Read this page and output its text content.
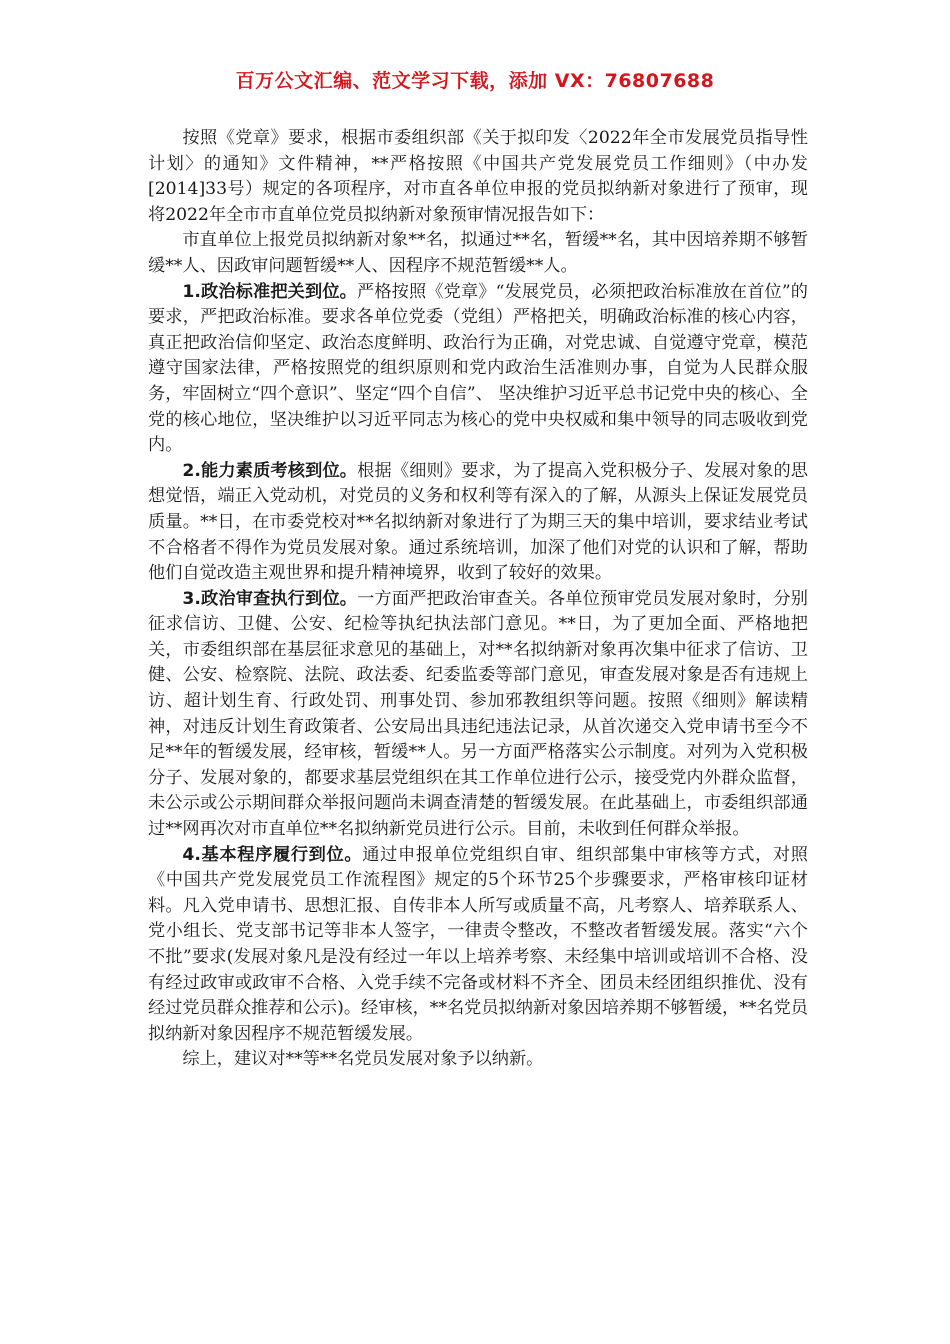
百万公文汇编、范文学习下载，添加 VX：76807688

按照《党章》要求，根据市委组织部《关于拟印发〈2022年全市发展党员指导性计划〉的通知》文件精神，**严格按照《中国共产党发展党员工作细则》（中办发[2014]33号）规定的各项程序，对市直各单位申报的党员拟纳新对象进行了预审，现将2022年全市市直单位党员拟纳新对象预审情况报告如下：

市直单位上报党员拟纳新对象**名，拟通过**名，暂缓**名，其中因培养期不够暂缓**人、因政审问题暂缓**人、因程序不规范暂缓**人。

1.政治标准把关到位。严格按照《党章》“发展党员，必须把政治标准放在首位”的要求，严把政治标准。要求各单位党委（党组）严格把关，明确政治标准的核心内容，真正把政治信仰坚定、政治态度鲜明、政治行为正确，对党忠诚、自觉遵守党章，模范遵守国家法律，严格按照党的组织原则和党内政治生活准则办事，自觉为人民群众服务，牢固树立“四个意识”、坚定“四个自信”、 坚决维护习近平总书记党中央的核心、全党的核心地位，坚决维护以习近平同志为核心的党中央权威和集中领导的同志吸收到党内。

2.能力素质考核到位。根据《细则》要求，为了提高入党积极分子、发展对象的思想觉悟，端正入党动机，对党员的义务和权利等有深入的了解，从源头上保证发展党员质量。**日，在市委党校对**名拟纳新对象进行了为期三天的集中培训，要求结业考试不合格者不得作为党员发展对象。通过系统培训，加深了他们对党的认识和了解，帮助他们自觉改造主观世界和提升精神境界，收到了较好的效果。

3.政治审查执行到位。一方面严把政治审查关。各单位预审党员发展对象时，分别征求信访、卫健、公安、纪检等执纪执法部门意见。**日，为了更加全面、严格地把关，市委组织部在基层征求意见的基础上，对**名拟纳新对象再次集中征求了信访、卫健、公安、检察院、法院、政法委、纪委监委等部门意见，审查发展对象是否有违规上访、超计划生育、行政处罚、刑事处罚、参加邪教组织等问题。按照《细则》解读精神，对违反计划生育政策者、公安局出具违纪违法记录，从首次递交入党申请书至今不足**年的暂缓发展，经审核，暂缓**人。另一方面严格落实公示制度。对列为入党积极分子、发展对象的，都要求基层党组织在其工作单位进行公示，接受党内外群众监督，未公示或公示期间群众举报问题尚未调查清楚的暂缓发展。在此基础上，市委组织部通过**网再次对市直单位**名拟纳新党员进行公示。目前，未收到任何群众举报。

4.基本程序履行到位。通过申报单位党组织自审、组织部集中审核等方式，对照《中国共产党发展党员工作流程图》规定的5个环节25个步骤要求，严格审核印证材料。凡入党申请书、思想汇报、自传非本人所写或质量不高，凡考察人、培养联系人、党小组长、党支部书记等非本人签字，一律责令整改，不整改者暂缓发展。落实“六个不批”要求(发展对象凡是没有经过一年以上培养考察、未经集中培训或培训不合格、没有经过政审或政审不合格、入党手续不完备或材料不齐全、团员未经团组织推优、没有经过党员群众推荐和公示)。经审核，**名党员拟纳新对象因培养期不够暂缓，**名党员拟纳新对象因程序不规范暂缓发展。

综上，建议对**等**名党员发展对象予以纳新。
